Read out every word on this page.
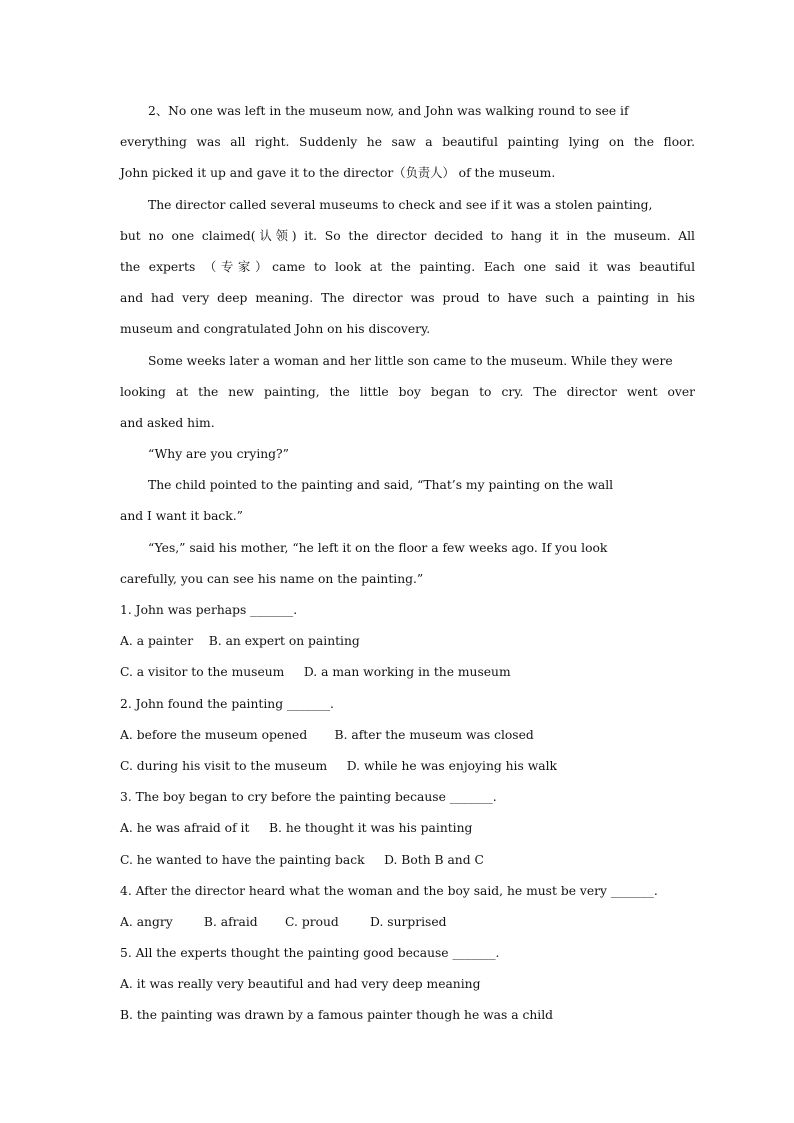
2、No one was left in the museum now, and John was walking round to see if
everything was all right. Suddenly he saw a beautiful painting lying on the floor.
John picked it up and gave it to the director（负责人） of the museum.
The director called several museums to check and see if it was a stolen painting,
but no one claimed(认领) it. So the director decided to hang it in the museum. All
the experts （专家）came to look at the painting. Each one said it was beautiful
and had very deep meaning. The director was proud to have such a painting in his
museum and congratulated John on his discovery.
Some weeks later a woman and her little son came to the museum. While they were
looking at the new painting, the little boy began to cry. The director went over
and asked him.
“Why are you crying?”
The child pointed to the painting and said, “That’s my painting on the wall
and I want it back.”
“Yes,” said his mother, “he left it on the floor a few weeks ago. If you look
carefully, you can see his name on the painting.”
1. John was perhaps _______.
A. a painter    B. an expert on painting
C. a visitor to the museum     D. a man working in the museum
2. John found the painting _______.
A. before the museum opened       B. after the museum was closed
C. during his visit to the museum     D. while he was enjoying his walk
3. The boy began to cry before the painting because _______.
A. he was afraid of it     B. he thought it was his painting
C. he wanted to have the painting back     D. Both B and C
4. After the director heard what the woman and the boy said, he must be very _______.
A. angry        B. afraid       C. proud        D. surprised
5. All the experts thought the painting good because _______.
A. it was really very beautiful and had very deep meaning
B. the painting was drawn by a famous painter though he was a child
